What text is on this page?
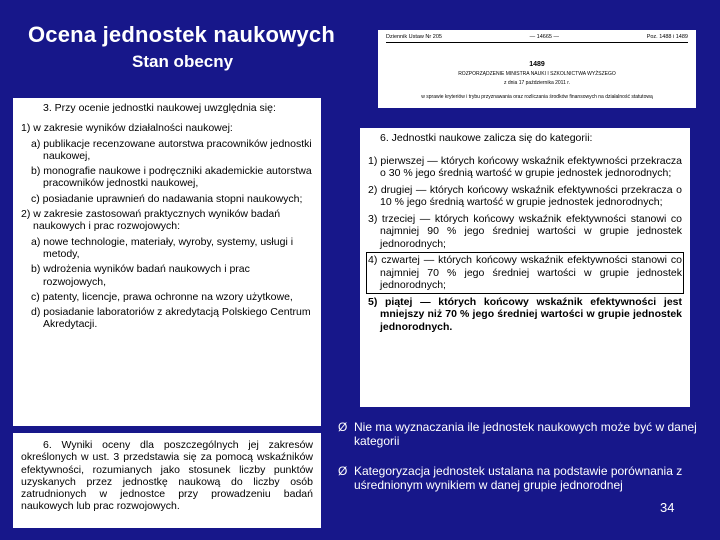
Ocena jednostek naukowych
Stan obecny
Dziennik Ustaw Nr 205	— 14665 —	Poz. 1488 i 1489
1489
ROZPORZĄDZENIE MINISTRA NAUKI I SZKOLNICTWA WYŻSZEGO
z dnia 17 października 2011 r.
w sprawie kryteriów i trybu przyznawania oraz rozliczania środków finansowych na działalność statutową
3. Przy ocenie jednostki naukowej uwzględnia się:
1) w zakresie wyników działalności naukowej:
a) publikacje recenzowane autorstwa pracowników jednostki naukowej,
b) monografie naukowe i podręczniki akademickie autorstwa pracowników jednostki naukowej,
c) posiadanie uprawnień do nadawania stopni naukowych;
2) w zakresie zastosowań praktycznych wyników badań naukowych i prac rozwojowych:
a) nowe technologie, materiały, wyroby, systemy, usługi i metody,
b) wdrożenia wyników badań naukowych i prac rozwojowych,
c) patenty, licencje, prawa ochronne na wzory użytkowe,
d) posiadanie laboratoriów z akredytacją Polskiego Centrum Akredytacji.

6. Wyniki oceny dla poszczególnych jej zakresów określonych w ust. 3 przedstawia się za pomocą wskaźników efektywności, rozumianych jako stosunek liczby punktów uzyskanych przez jednostkę naukową do liczby osób zatrudnionych w jednostce przy prowadzeniu badań naukowych lub prac rozwojowych.

6. Jednostki naukowe zalicza się do kategorii:
1) pierwszej — których końcowy wskaźnik efektywności przekracza o 30 % jego średnią wartość w grupie jednostek jednorodnych;
2) drugiej — których końcowy wskaźnik efektywności przekracza o 10 % jego średnią wartość w grupie jednostek jednorodnych;
3) trzeciej — których końcowy wskaźnik efektywności stanowi co najmniej 90 % jego średniej wartości w grupie jednostek jednorodnych;
4) czwartej — których końcowy wskaźnik efektywności stanowi co najmniej 70 % jego średniej wartości w grupie jednostek jednorodnych;
5) piątej — których końcowy wskaźnik efektywności jest mniejszy niż 70 % jego średniej wartości w grupie jednostek jednorodnych.
Ø Nie ma wyznaczania ile jednostek naukowych może być w danej kategorii
Ø Kategoryzacja jednostek ustalana na podstawie porównania z uśrednionym wynikiem w danej grupie jednorodnej
34
